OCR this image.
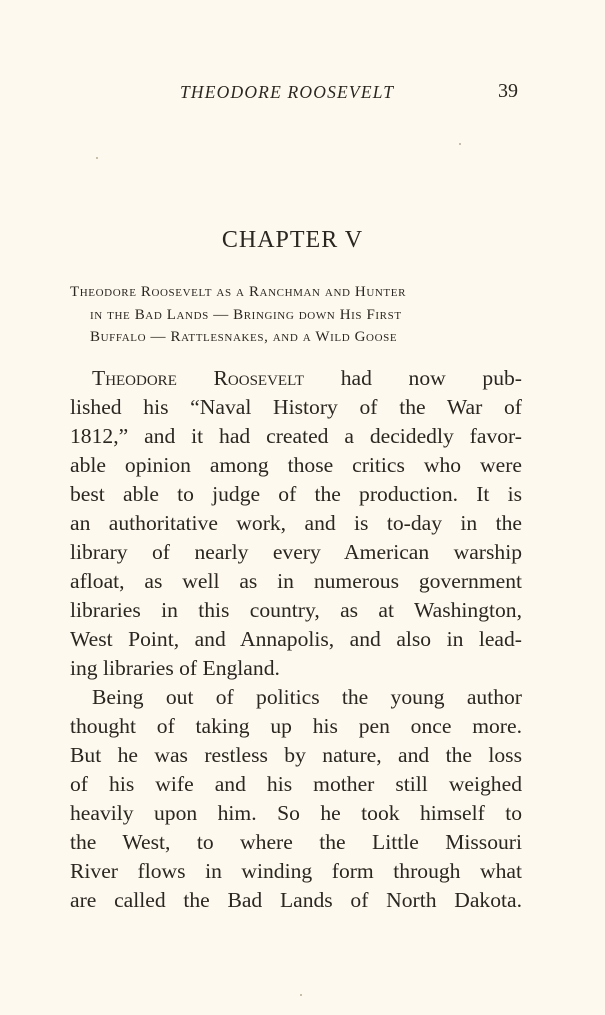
THEODORE ROOSEVELT	39
CHAPTER V
Theodore Roosevelt as a Ranchman and Hunter
in the Bad Lands — Bringing down His First
Buffalo — Rattlesnakes, and a Wild Goose
Theodore Roosevelt had now pub-
lished his “Naval History of the War of
1812,” and it had created a decidedly favor-
able opinion among those critics who were
best able to judge of the production. It is
an authoritative work, and is to-day in the
library of nearly every American warship
afloat, as well as in numerous government
libraries in this country, as at Washington,
West Point, and Annapolis, and also in lead-
ing libraries of England.
Being out of politics the young author
thought of taking up his pen once more.
But he was restless by nature, and the loss
of his wife and his mother still weighed
heavily upon him. So he took himself to
the West, to where the Little Missouri
River flows in winding form through what
are called the Bad Lands of North Dakota.
